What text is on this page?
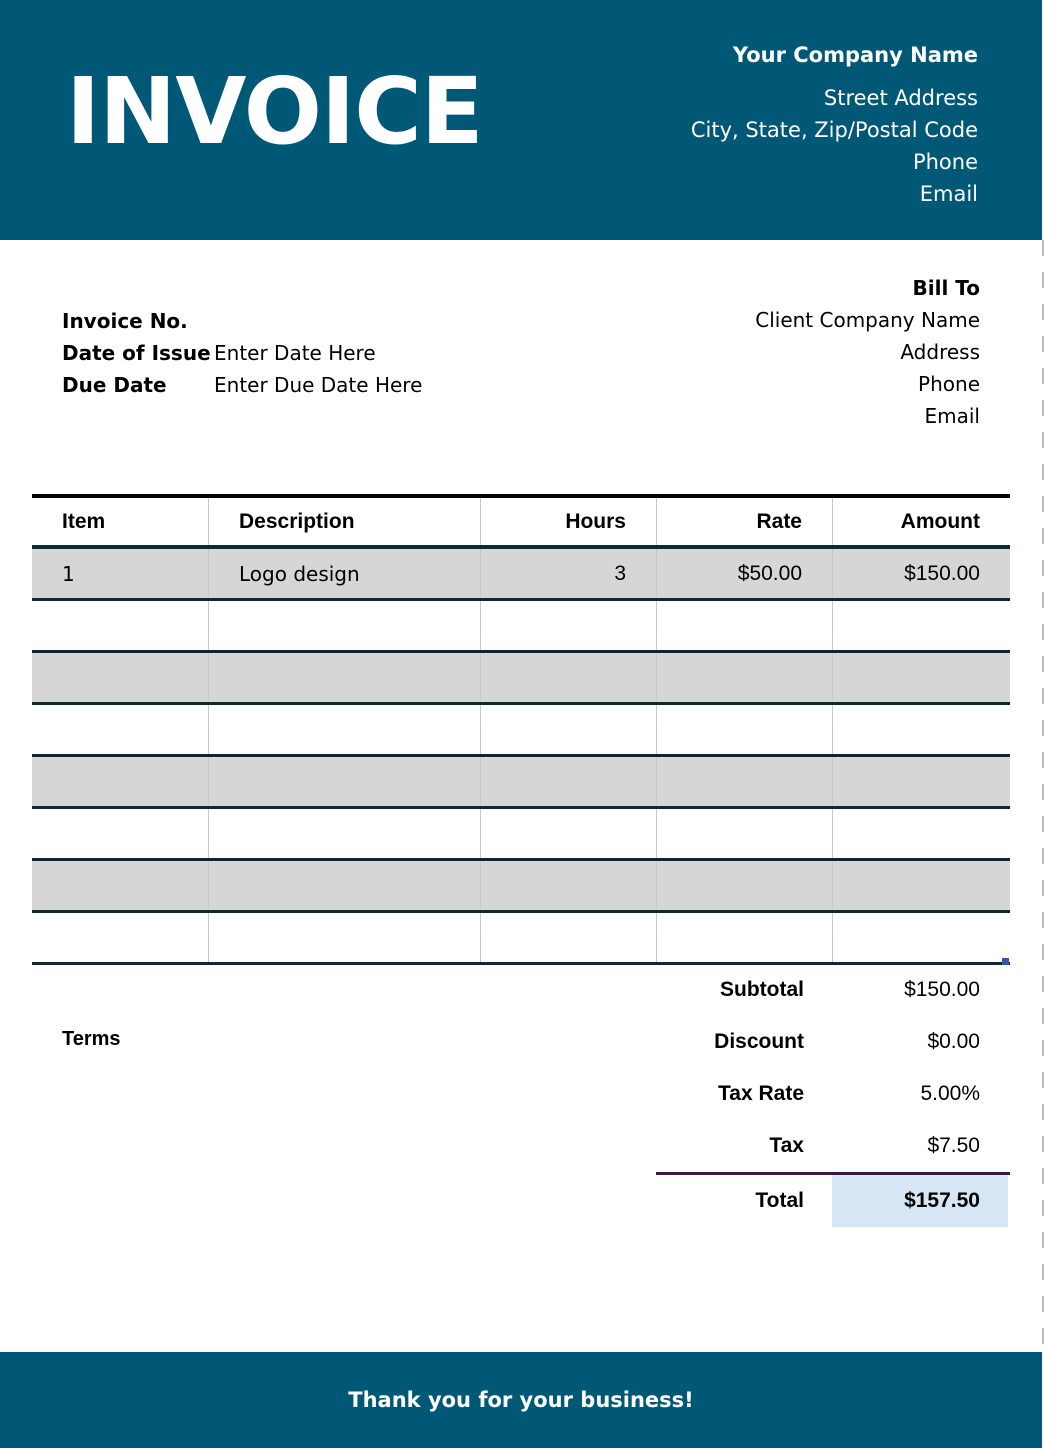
INVOICE
Your Company Name
Street Address
City, State, Zip/Postal Code
Phone
Email
Invoice No.
Date of Issue Enter Date Here
Due Date	Enter Due Date Here
Bill To
Client Company Name
Address
Phone
Email
Item	Description	Hours	Rate	Amount
1	Logo design	3	$50.00	$150.00
Terms
Subtotal	$150.00
Discount	$0.00
Tax Rate	5.00%
Tax	$7.50
Total	$157.50
Thank you for your business!
